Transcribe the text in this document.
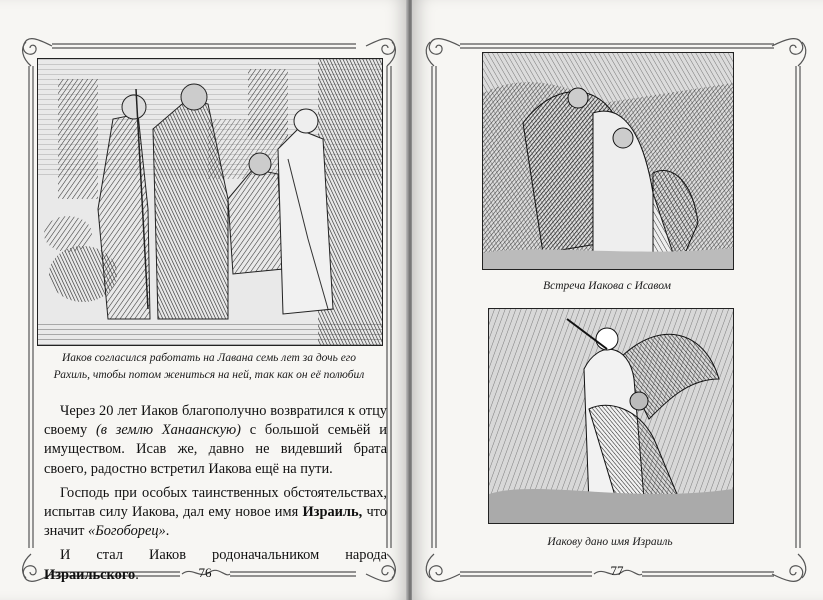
Иаков согласился работать на Лавана семь лет за дочь его
Рахиль, чтобы потом жениться на ней, так как он её полюбил

Через 20 лет Иаков благополучно возвратился к отцу своему (в землю Ханаанскую) с большой семьёй и имуществом. Исав же, давно не видевший брата своего, радостно встретил Иакова ещё на пути.

Господь при особых таинственных обстоятельствах, испытав силу Иакова, дал ему новое имя Израиль, что значит «Богоборец».

И стал Иаков родоначальником народа Израильского.	76
Встреча Иакова с Исавом
Иакову дано имя Израиль
77
